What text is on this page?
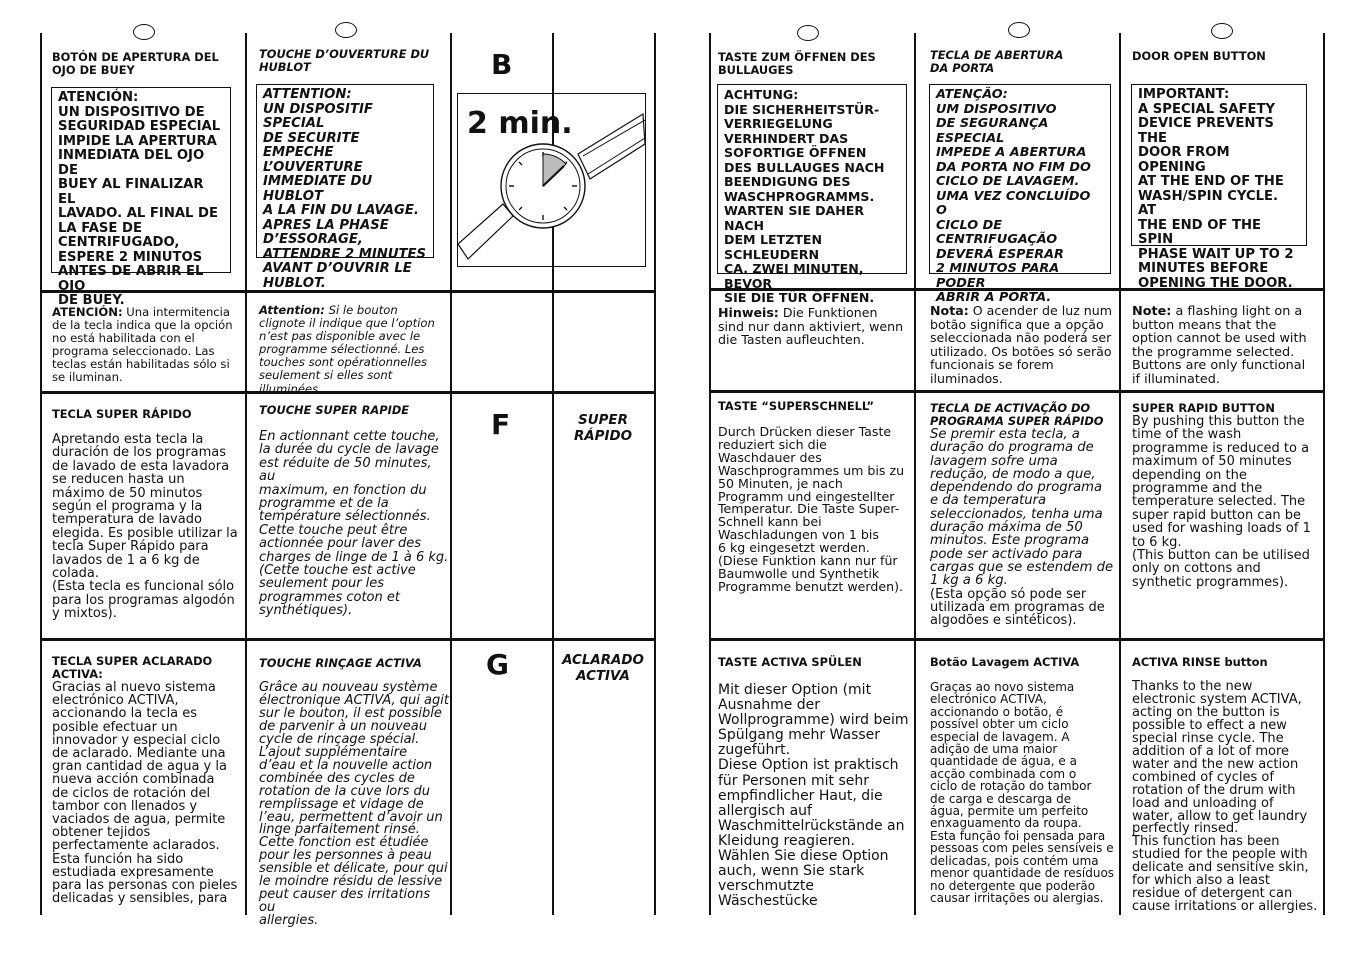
BOTÓN DE APERTURA DEL
OJO DE BUEY
ATENCIÓN:
UN DISPOSITIVO DE
SEGURIDAD ESPECIAL
IMPIDE LA APERTURA
INMEDIATA DEL OJO DE
BUEY AL FINALIZAR EL
LAVADO. AL FINAL DE
LA FASE DE
CENTRIFUGADO,
ESPERE 2 MINUTOS
ANTES DE ABRIR EL OJO
DE BUEY.
ATENCIÓN: Una intermitencia de la tecla indica que la opción no está habilitada con el programa seleccionado. Las teclas están habilitadas sólo si se iluminan.
TECLA SUPER RÁPIDO
Apretando esta tecla la
duración de los programas
de lavado de esta lavadora
se reducen hasta un
máximo de 50 minutos
según el programa y la
temperatura de lavado
elegida. Es posible utilizar la
tecla Super Rápido para
lavados de 1 a 6 kg de
colada.
(Esta tecla es funcional sólo
para los programas algodón
y mixtos).
TECLA SUPER ACLARADO
ACTIVA:
Gracias al nuevo sistema
electrónico ACTIVA,
accionando la tecla es
posible efectuar un
innovador y especial ciclo
de aclarado. Mediante una
gran cantidad de agua y la
nueva acción combinada
de ciclos de rotación del
tambor con llenados y
vaciados de agua, permite
obtener tejidos
perfectamente aclarados.
Esta función ha sido
estudiada expresamente
para las personas con pieles
delicadas y sensibles, para
TOUCHE D’OUVERTURE DU
HUBLOT
ATTENTION:
UN DISPOSITIF SPECIAL
DE SECURITE EMPECHE
L’OUVERTURE
IMMEDIATE DU HUBLOT
A LA FIN DU LAVAGE.
APRES LA PHASE
D’ESSORAGE,
ATTENDRE 2 MINUTES
AVANT D’OUVRIR LE
HUBLOT.
Attention: Si le bouton clignote il indique que l’option n’est pas disponible avec le programme sélectionné. Les touches sont opérationnelles seulement si elles sont illuminées.
TOUCHE SUPER RAPIDE
En actionnant cette touche,
la durée du cycle de lavage
est réduite de 50 minutes, au
maximum, en fonction du
programme et de la
température sélectionnés.
Cette touche peut être
actionnée pour laver des
charges de linge de 1 à 6 kg.
(Cette touche est active
seulement pour les
programmes coton et
synthétiques).
TOUCHE RINÇAGE ACTIVA
Grâce au nouveau système
électronique ACTIVA, qui agit
sur le bouton, il est possible
de parvenir à un nouveau
cycle de rinçage spécial.
L’ajout supplémentaire
d’eau et la nouvelle action
combinée des cycles de
rotation de la cuve lors du
remplissage et vidage de
l’eau, permettent d’avoir un
linge parfaitement rinsé.
Cette fonction est étudiée
pour les personnes à peau
sensible et délicate, pour qui
le moindre résidu de lessive
peut causer des irritations ou
allergies.
B
2 min.
F
G
SUPER
RÁPIDO
ACLARADO
ACTIVA
TASTE ZUM ÖFFNEN DES
BULLAUGES
ACHTUNG:
DIE SICHERHEITSTÜR-
VERRIEGELUNG
VERHINDERT DAS
SOFORTIGE ÖFFNEN
DES BULLAUGES NACH
BEENDIGUNG DES
WASCHPROGRAMMS.
WARTEN SIE DAHER NACH
DEM LETZTEN SCHLEUDERN
CA. ZWEI MINUTEN, BEVOR
SIE DIE TÜR ÖFFNEN.
Hinweis: Die Funktionen sind nur dann aktiviert, wenn die Tasten aufleuchten.
TASTE “SUPERSCHNELL”
Durch Drücken dieser Taste
reduziert sich die
Waschdauer des
Waschprogrammes um bis zu
50 Minuten, je nach
Programm und eingestellter
Temperatur. Die Taste Super-
Schnell kann bei
Waschladungen von 1 bis
6 kg eingesetzt werden.
(Diese Funktion kann nur für
Baumwolle und Synthetik
Programme benutzt werden).
TASTE ACTIVA SPÜLEN
Mit dieser Option (mit
Ausnahme der
Wollprogramme) wird beim
Spülgang mehr Wasser
zugeführt.
Diese Option ist praktisch
für Personen mit sehr
empfindlicher Haut, die
allergisch auf
Waschmittelrückstände an
Kleidung reagieren.
Wählen Sie diese Option
auch, wenn Sie stark
verschmutzte
Wäschestücke
TECLA DE ABERTURA
DA PORTA
ATENÇÃO:
UM DISPOSITIVO
DE SEGURANÇA ESPECIAL
IMPEDE A ABERTURA
DA PORTA NO FIM DO
CICLO DE LAVAGEM.
UMA VEZ CONCLUÍDO O
CICLO DE
CENTRIFUGAÇÃO
DEVERÁ ESPERAR
2 MINUTOS PARA PODER
ABRIR A PORTA.
Nota: O acender de luz num botão significa que a opção seleccionada não poderá ser utilizado. Os botões só serão funcionais se forem iluminados.
TECLA DE ACTIVAÇÃO DO
PROGRAMA SUPER RÁPIDO
Se premir esta tecla, a
duração do programa de
lavagem sofre uma
redução, de modo a que,
dependendo do programa
e da temperatura
seleccionados, tenha uma
duração máxima de 50
minutos. Este programa
pode ser activado para
cargas que se estendem de
1 kg a 6 kg.
(Esta opção só pode ser
utilizada em programas de
algodões e sintéticos).
Botão Lavagem ACTIVA
Graças ao novo sistema
electrónico ACTIVA,
accionando o botão, é
possível obter um ciclo
especial de lavagem. A
adição de uma maior
quantidade de água, e a
acção combinada com o
ciclo de rotação do tambor
de carga e descarga de
água, permite um perfeito
enxaguamento da roupa.
Esta função foi pensada para
pessoas com peles sensíveis e
delicadas, pois contém uma
menor quantidade de resíduos
no detergente que poderão
causar irritações ou alergias.
DOOR OPEN BUTTON
IMPORTANT:
A SPECIAL SAFETY
DEVICE PREVENTS THE
DOOR FROM OPENING
AT THE END OF THE
WASH/SPIN CYCLE. AT
THE END OF THE SPIN
PHASE WAIT UP TO 2
MINUTES BEFORE
OPENING THE DOOR.
Note: a flashing light on a button means that the option cannot be used with the programme selected. Buttons are only functional if illuminated.
SUPER RAPID BUTTON
By pushing this button the
time of the wash
programme is reduced to a
maximum of 50 minutes
depending on the
programme and the
temperature selected. The
super rapid button can be
used for washing loads of 1
to 6 kg.
(This button can be utilised
only on cottons and
synthetic programmes).
ACTIVA RINSE button
Thanks to the new
electronic system ACTIVA,
acting on the button is
possible to effect a new
special rinse cycle. The
addition of a lot of more
water and the new action
combined of cycles of
rotation of the drum with
load and unloading of
water, allow to get laundry
perfectly rinsed.
This function has been
studied for the people with
delicate and sensitive skin,
for which also a least
residue of detergent can
cause irritations or allergies.
